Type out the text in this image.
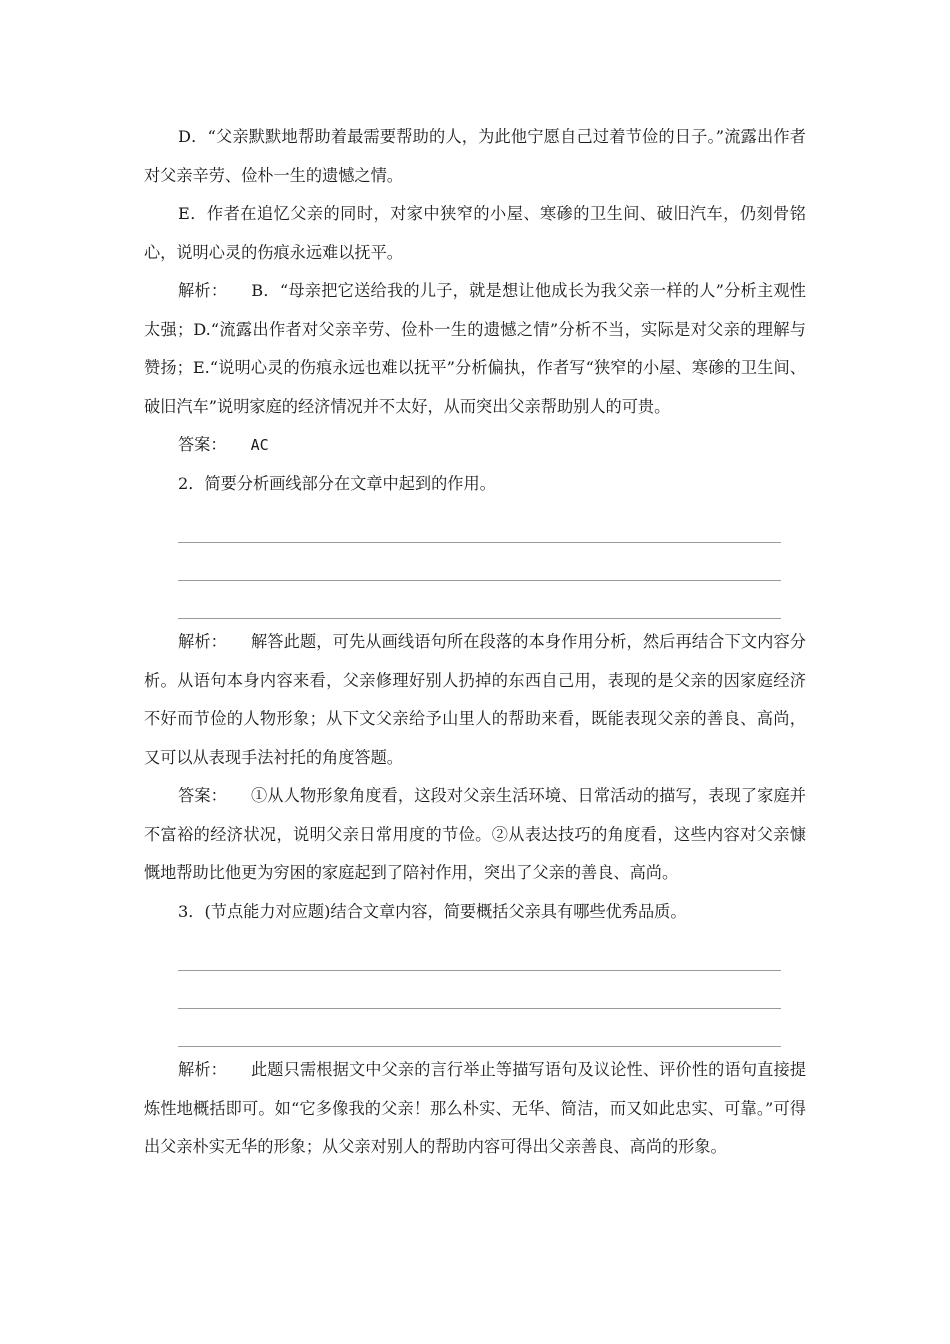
D．“父亲默默地帮助着最需要帮助的人，为此他宁愿自己过着节俭的日子。”流露出作者对父亲辛劳、俭朴一生的遗憾之情。

E．作者在追忆父亲的同时，对家中狭窄的小屋、寒碜的卫生间、破旧汽车，仍刻骨铭心，说明心灵的伤痕永远难以抚平。

解析： B．“母亲把它送给我的儿子，就是想让他成长为我父亲一样的人”分析主观性太强；D.“流露出作者对父亲辛劳、俭朴一生的遗憾之情”分析不当，实际是对父亲的理解与赞扬；E.“说明心灵的伤痕永远也难以抚平”分析偏执，作者写“狭窄的小屋、寒碜的卫生间、破旧汽车”说明家庭的经济情况并不太好，从而突出父亲帮助别人的可贵。

答案： AC

2．简要分析画线部分在文章中起到的作用。

解析： 解答此题，可先从画线语句所在段落的本身作用分析，然后再结合下文内容分析。从语句本身内容来看，父亲修理好别人扔掉的东西自己用，表现的是父亲的因家庭经济不好而节俭的人物形象；从下文父亲给予山里人的帮助来看，既能表现父亲的善良、高尚，又可以从表现手法衬托的角度答题。

答案： ①从人物形象角度看，这段对父亲生活环境、日常活动的描写，表现了家庭并不富裕的经济状况，说明父亲日常用度的节俭。②从表达技巧的角度看，这些内容对父亲慷慨地帮助比他更为穷困的家庭起到了陪衬作用，突出了父亲的善良、高尚。

3．(节点能力对应题)结合文章内容，简要概括父亲具有哪些优秀品质。

解析： 此题只需根据文中父亲的言行举止等描写语句及议论性、评价性的语句直接提炼性地概括即可。如“它多像我的父亲！那么朴实、无华、简洁，而又如此忠实、可靠。”可得出父亲朴实无华的形象；从父亲对别人的帮助内容可得出父亲善良、高尚的形象。
